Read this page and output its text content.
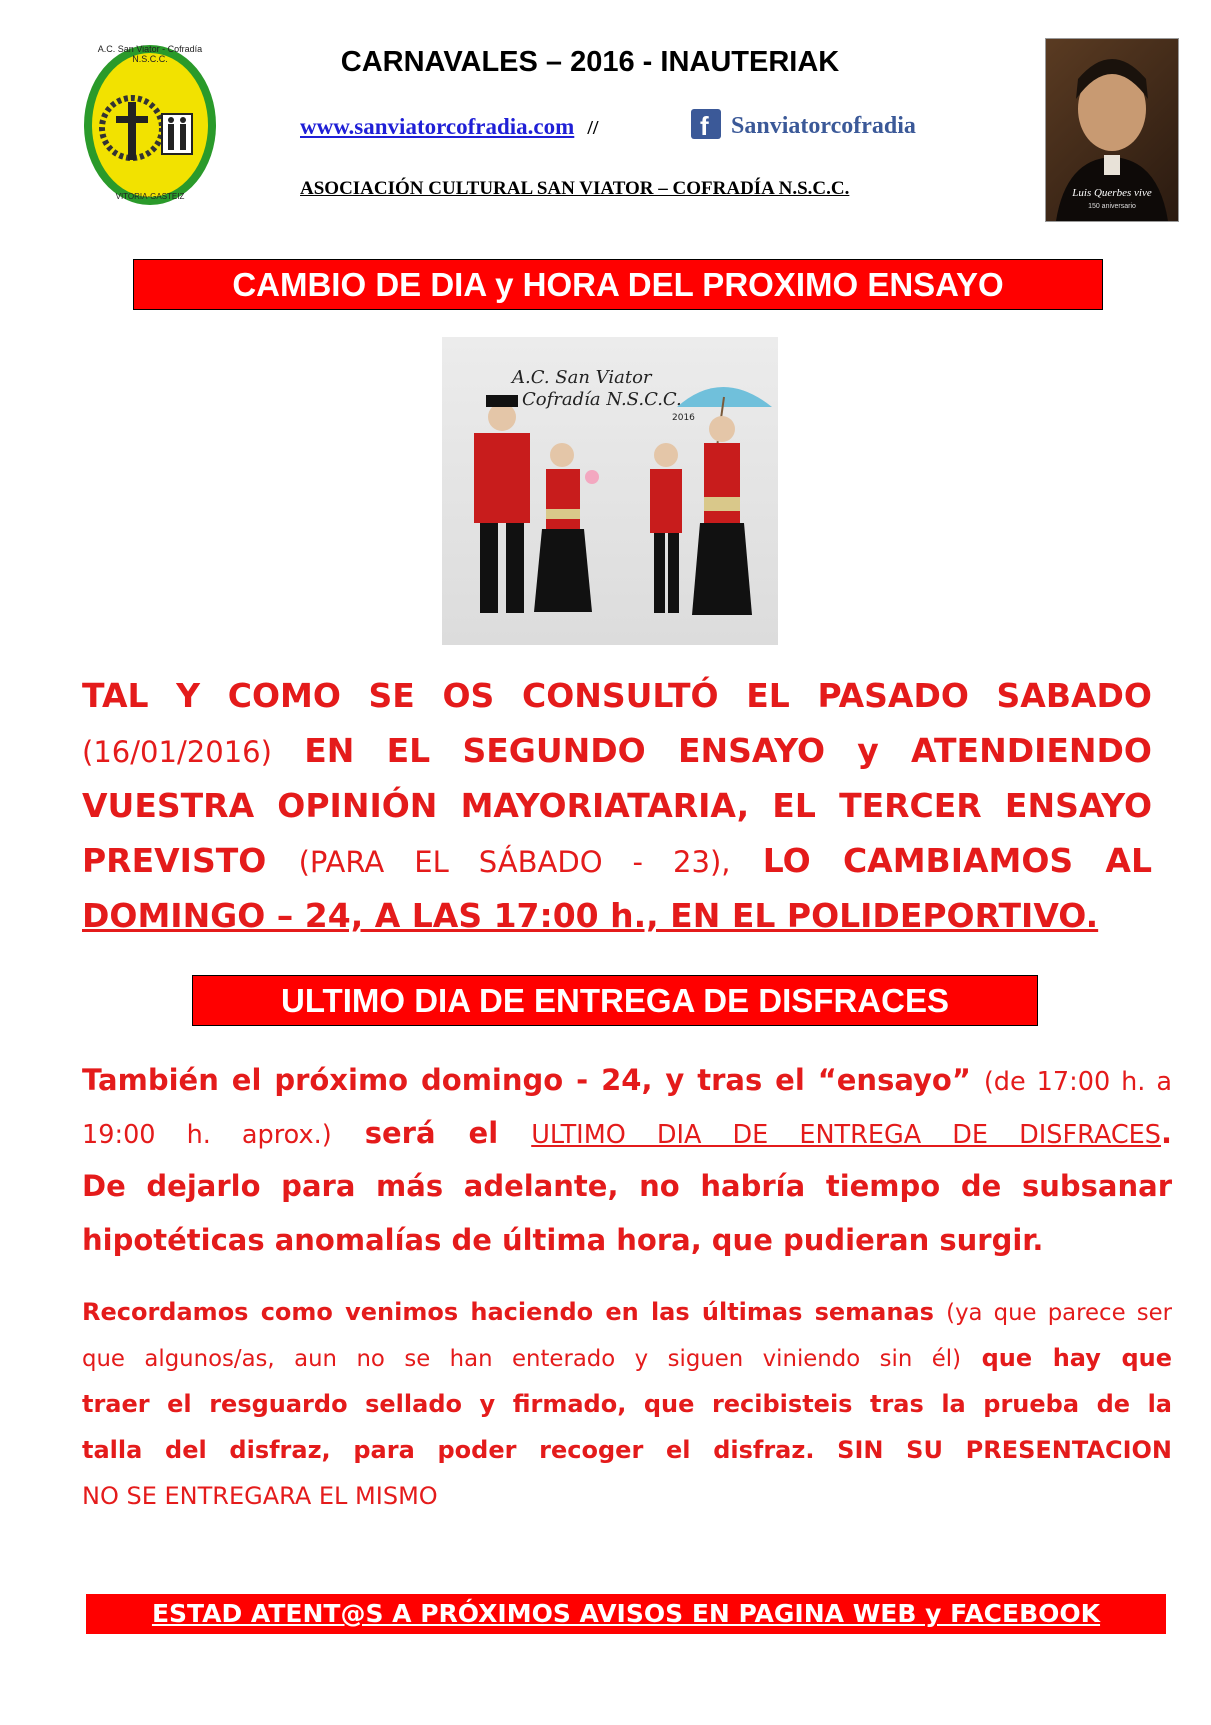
A.C. San Viator - Cofradía N.S.C.C.
VITORIA-GASTEIZ
CARNAVALES – 2016 - INAUTERIAK
www.sanviatorcofradia.com //	f Sanviatorcofradia
ASOCIACIÓN CULTURAL SAN VIATOR – COFRADÍA N.S.C.C.	Luis Querbes vive
150 aniversario
CAMBIO DE DIA y HORA DEL PROXIMO ENSAYO
A.C. San Viator
Cofradía N.S.C.C.
2016
TAL Y COMO SE OS CONSULTÓ EL PASADO SABADO
(16/01/2016) EN EL SEGUNDO ENSAYO y ATENDIENDO
VUESTRA OPINIÓN MAYORIATARIA, EL TERCER ENSAYO
PREVISTO (PARA EL SÁBADO - 23), LO CAMBIAMOS AL
DOMINGO – 24, A LAS 17:00 h., EN EL POLIDEPORTIVO.
ULTIMO DIA DE ENTREGA DE DISFRACES
También el próximo domingo - 24, y tras el “ensayo” (de 17:00 h. a
19:00 h. aprox.) será el ULTIMO DIA DE ENTREGA DE DISFRACES.
De dejarlo para más adelante, no habría tiempo de subsanar
hipotéticas anomalías de última hora, que pudieran surgir.
Recordamos como venimos haciendo en las últimas semanas (ya que parece ser
que algunos/as, aun no se han enterado y siguen viniendo sin él) que hay que
traer el resguardo sellado y firmado, que recibisteis tras la prueba de la
talla del disfraz, para poder recoger el disfraz. SIN SU PRESENTACION
NO SE ENTREGARA EL MISMO
ESTAD ATENT@S A PRÓXIMOS AVISOS EN PAGINA WEB y FACEBOOK
